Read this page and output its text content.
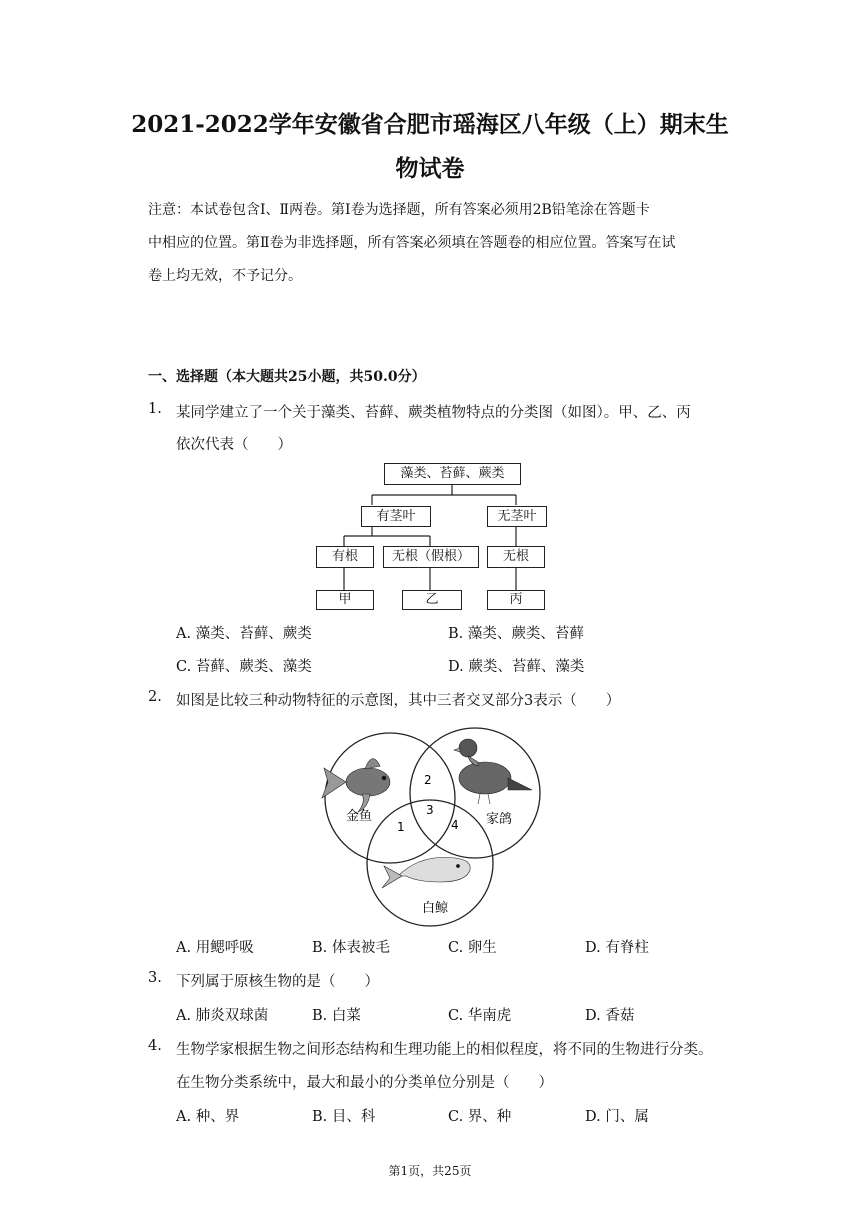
2021-2022学年安徽省合肥市瑶海区八年级（上）期末生
物试卷
注意：本试卷包含Ⅰ、Ⅱ两卷。第Ⅰ卷为选择题，所有答案必须用2B铅笔涂在答题卡
中相应的位置。第Ⅱ卷为非选择题，所有答案必须填在答题卷的相应位置。答案写在试
卷上均无效，不予记分。
一、选择题（本大题共25小题，共50.0分）
1. 某同学建立了一个关于藻类、苔藓、蕨类植物特点的分类图（如图）。甲、乙、丙
依次代表（　　）
藻类、苔藓、蕨类
有茎叶	无茎叶
有根	无根（假根）	无根
甲	乙	丙
A. 藻类、苔藓、蕨类	B. 藻类、蕨类、苔藓
C. 苔藓、蕨类、藻类	D. 蕨类、苔藓、藻类
2. 如图是比较三种动物特征的示意图，其中三者交叉部分3表示（　　）
金鱼	家鸽
白鲸
2
3
1	4
A. 用鳃呼吸	B. 体表被毛	C. 卵生	D. 有脊柱
3. 下列属于原核生物的是（　　）
A. 肺炎双球菌	B. 白菜	C. 华南虎	D. 香菇
4. 生物学家根据生物之间形态结构和生理功能上的相似程度，将不同的生物进行分类。
在生物分类系统中，最大和最小的分类单位分别是（　　）
A. 种、界	B. 目、科	C. 界、种	D. 门、属
第1页，共25页
